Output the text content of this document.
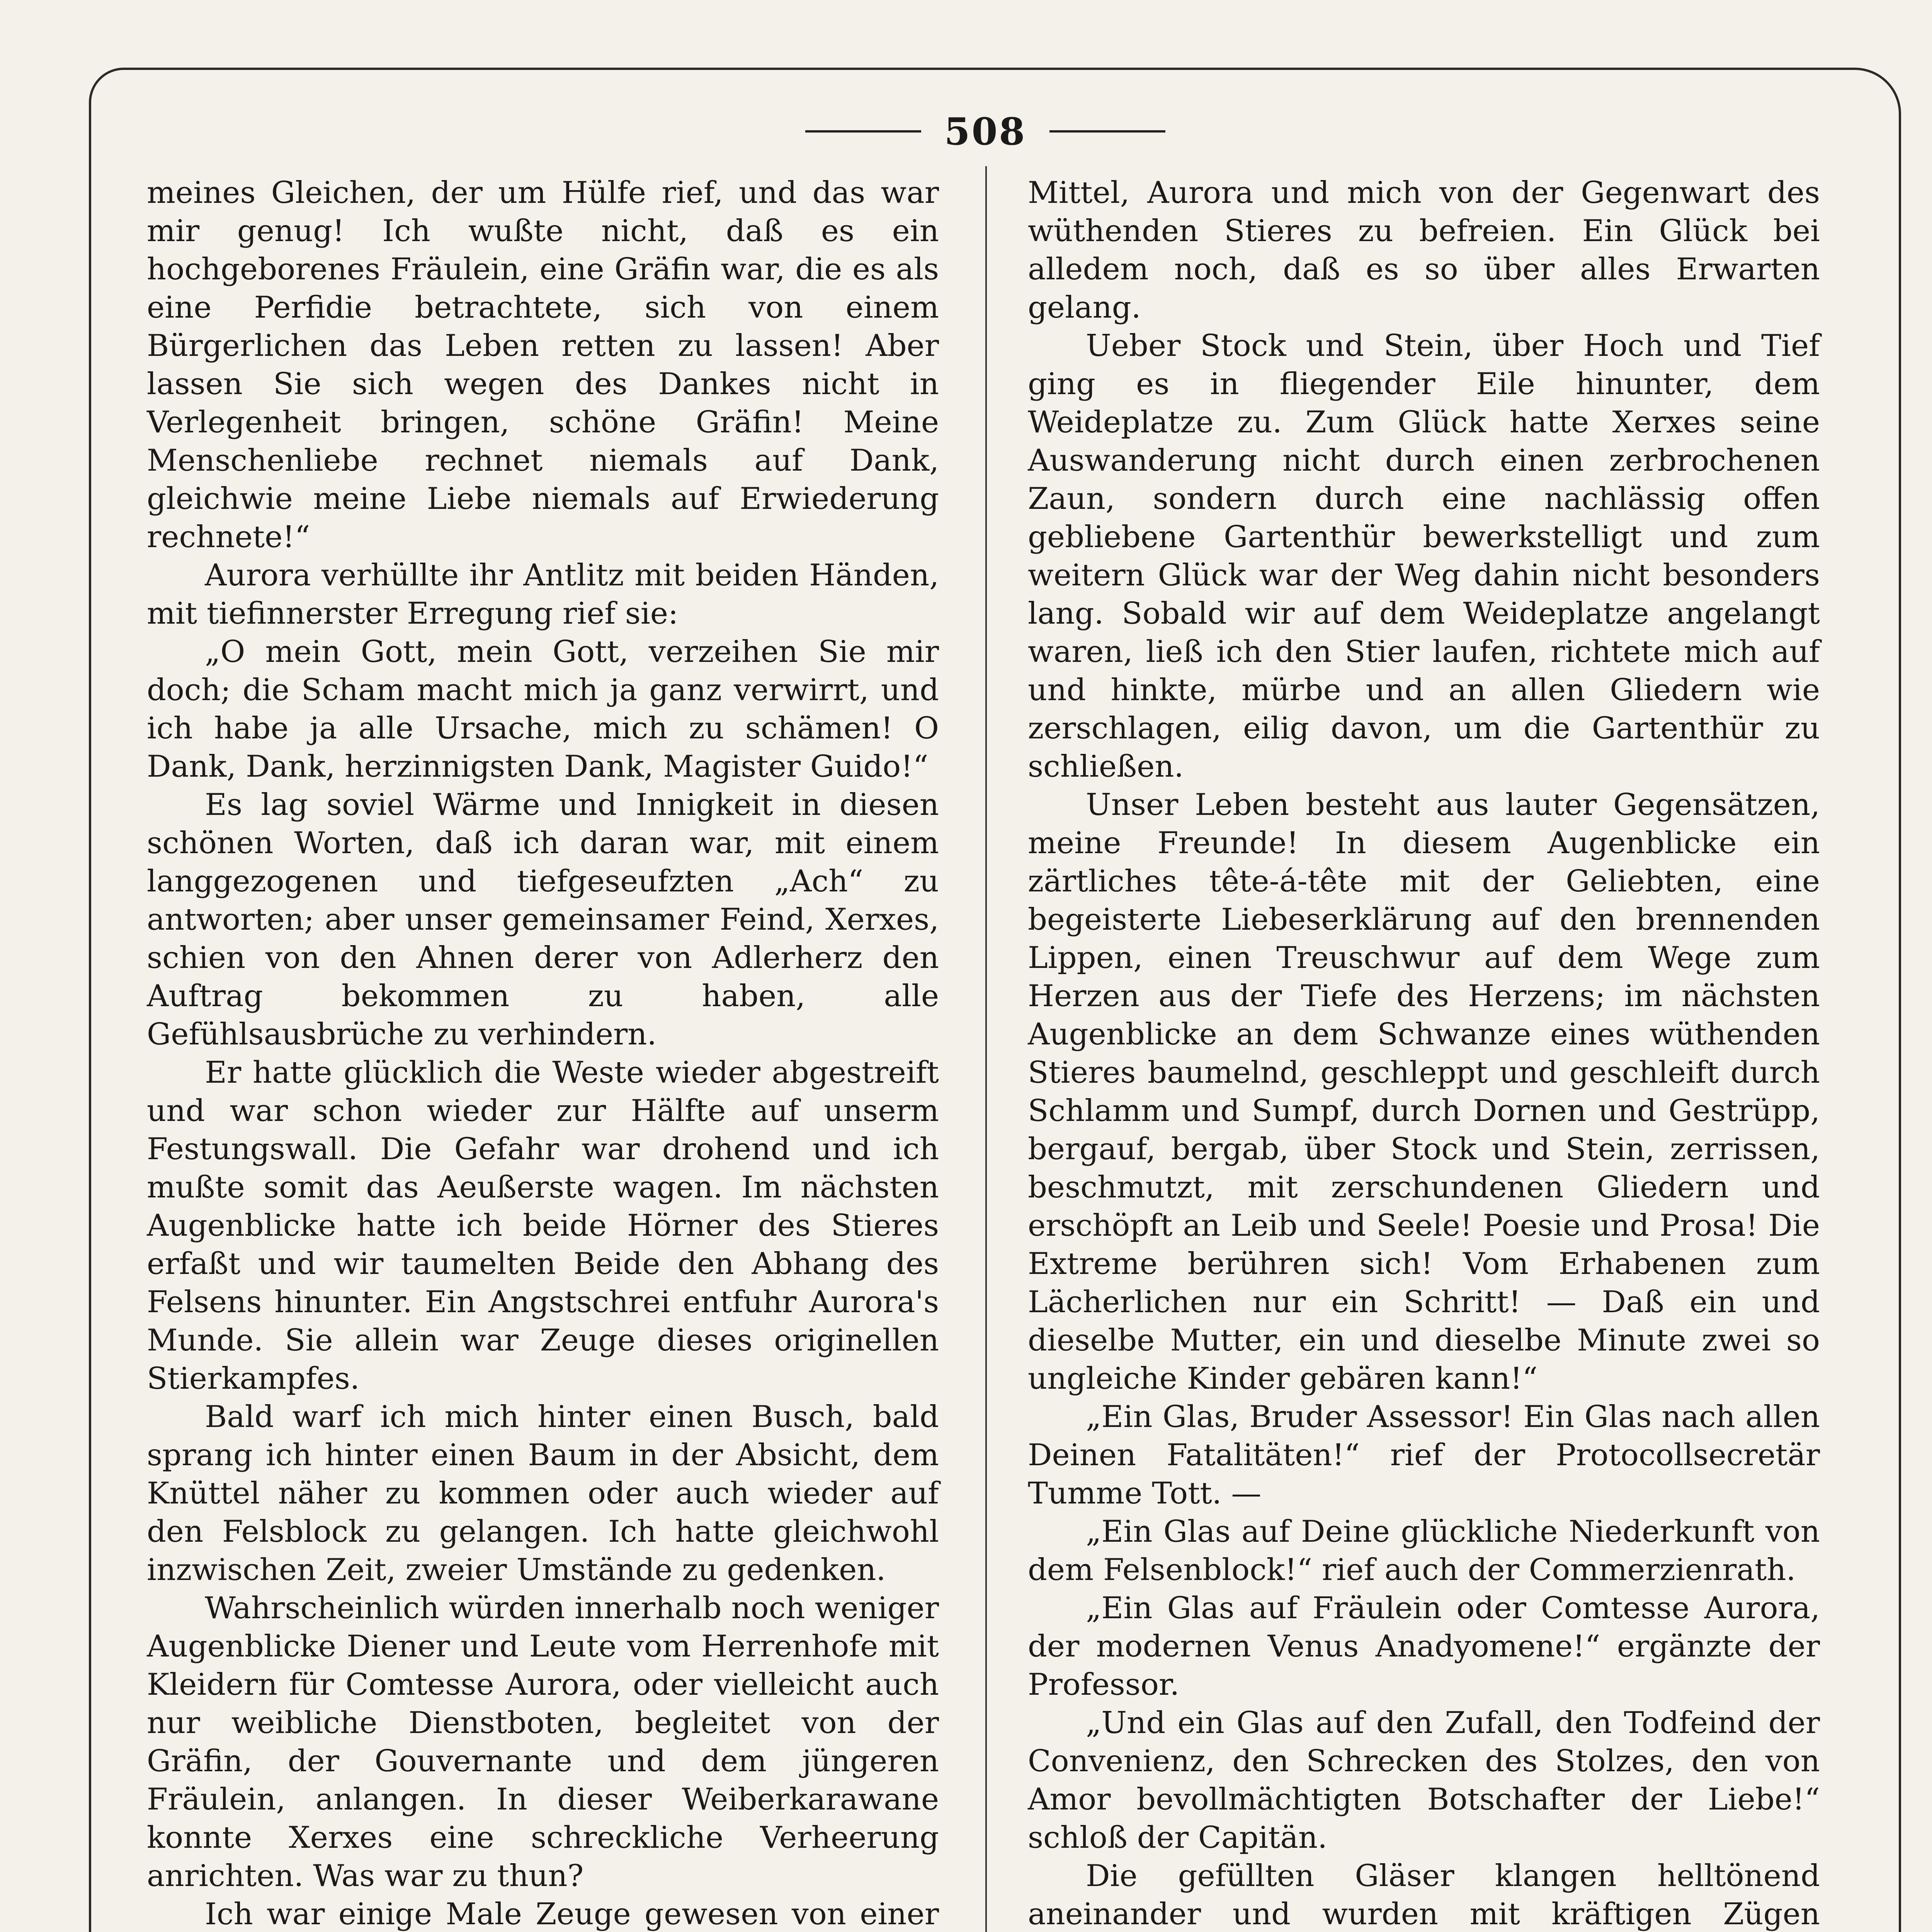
508

meines Gleichen, der um Hülfe rief, und das war mir genug! Ich wußte nicht, daß es ein hochgeborenes Fräulein, eine Gräfin war, die es als eine Perfidie betrachtete, sich von einem Bürgerlichen das Leben retten zu lassen! Aber lassen Sie sich wegen des Dankes nicht in Verlegenheit bringen, schöne Gräfin! Meine Menschenliebe rechnet niemals auf Dank, gleichwie meine Liebe niemals auf Erwiederung rechnete!“

Aurora verhüllte ihr Antlitz mit beiden Händen, mit tiefinnerster Erregung rief sie:

„O mein Gott, mein Gott, verzeihen Sie mir doch; die Scham macht mich ja ganz verwirrt, und ich habe ja alle Ursache, mich zu schämen! O Dank, Dank, herzinnigsten Dank, Magister Guido!“

Es lag soviel Wärme und Innigkeit in diesen schönen Worten, daß ich daran war, mit einem langgezogenen und tiefgeseufzten „Ach“ zu antworten; aber unser gemeinsamer Feind, Xerxes, schien von den Ahnen derer von Adlerherz den Auftrag bekommen zu haben, alle Gefühlsausbrüche zu verhindern.

Er hatte glücklich die Weste wieder abgestreift und war schon wieder zur Hälfte auf unserm Festungswall. Die Gefahr war drohend und ich mußte somit das Aeußerste wagen. Im nächsten Augenblicke hatte ich beide Hörner des Stieres erfaßt und wir taumelten Beide den Abhang des Felsens hinunter. Ein Angstschrei entfuhr Aurora's Munde. Sie allein war Zeuge dieses originellen Stierkampfes.

Bald warf ich mich hinter einen Busch, bald sprang ich hinter einen Baum in der Absicht, dem Knüttel näher zu kommen oder auch wieder auf den Felsblock zu gelangen. Ich hatte gleichwohl inzwischen Zeit, zweier Umstände zu gedenken.

Wahrscheinlich würden innerhalb noch weniger Augenblicke Diener und Leute vom Herrenhofe mit Kleidern für Comtesse Aurora, oder vielleicht auch nur weibliche Dienstboten, begleitet von der Gräfin, der Gouvernante und dem jüngeren Fräulein, anlangen. In dieser Weiberkarawane konnte Xerxes eine schreckliche Verheerung anrichten. Was war zu thun?

Ich war einige Male Zeuge gewesen von einer

Mittel, Aurora und mich von der Gegenwart des wüthenden Stieres zu befreien. Ein Glück bei alledem noch, daß es so über alles Erwarten gelang.

Ueber Stock und Stein, über Hoch und Tief ging es in fliegender Eile hinunter, dem Weideplatze zu. Zum Glück hatte Xerxes seine Auswanderung nicht durch einen zerbrochenen Zaun, sondern durch eine nachlässig offen gebliebene Gartenthür bewerkstelligt und zum weitern Glück war der Weg dahin nicht besonders lang. Sobald wir auf dem Weideplatze angelangt waren, ließ ich den Stier laufen, richtete mich auf und hinkte, mürbe und an allen Gliedern wie zerschlagen, eilig davon, um die Gartenthür zu schließen.

Unser Leben besteht aus lauter Gegensätzen, meine Freunde! In diesem Augenblicke ein zärtliches tête-á-tête mit der Geliebten, eine begeisterte Liebeserklärung auf den brennenden Lippen, einen Treuschwur auf dem Wege zum Herzen aus der Tiefe des Herzens; im nächsten Augenblicke an dem Schwanze eines wüthenden Stieres baumelnd, geschleppt und geschleift durch Schlamm und Sumpf, durch Dornen und Gestrüpp, bergauf, bergab, über Stock und Stein, zerrissen, beschmutzt, mit zerschundenen Gliedern und erschöpft an Leib und Seele! Poesie und Prosa! Die Extreme berühren sich! Vom Erhabenen zum Lächerlichen nur ein Schritt! — Daß ein und dieselbe Mutter, ein und dieselbe Minute zwei so ungleiche Kinder gebären kann!“

„Ein Glas, Bruder Assessor! Ein Glas nach allen Deinen Fatalitäten!“ rief der Protocollsecretär Tumme Tott. —

„Ein Glas auf Deine glückliche Niederkunft von dem Felsenblock!“ rief auch der Commerzienrath.

„Ein Glas auf Fräulein oder Comtesse Aurora, der modernen Venus Anadyomene!“ ergänzte der Professor.

„Und ein Glas auf den Zufall, den Todfeind der Convenienz, den Schrecken des Stolzes, den von Amor bevollmächtigten Botschafter der Liebe!“ schloß der Capitän.

Die gefüllten Gläser klangen helltönend aneinander und wurden mit kräftigen Zügen
